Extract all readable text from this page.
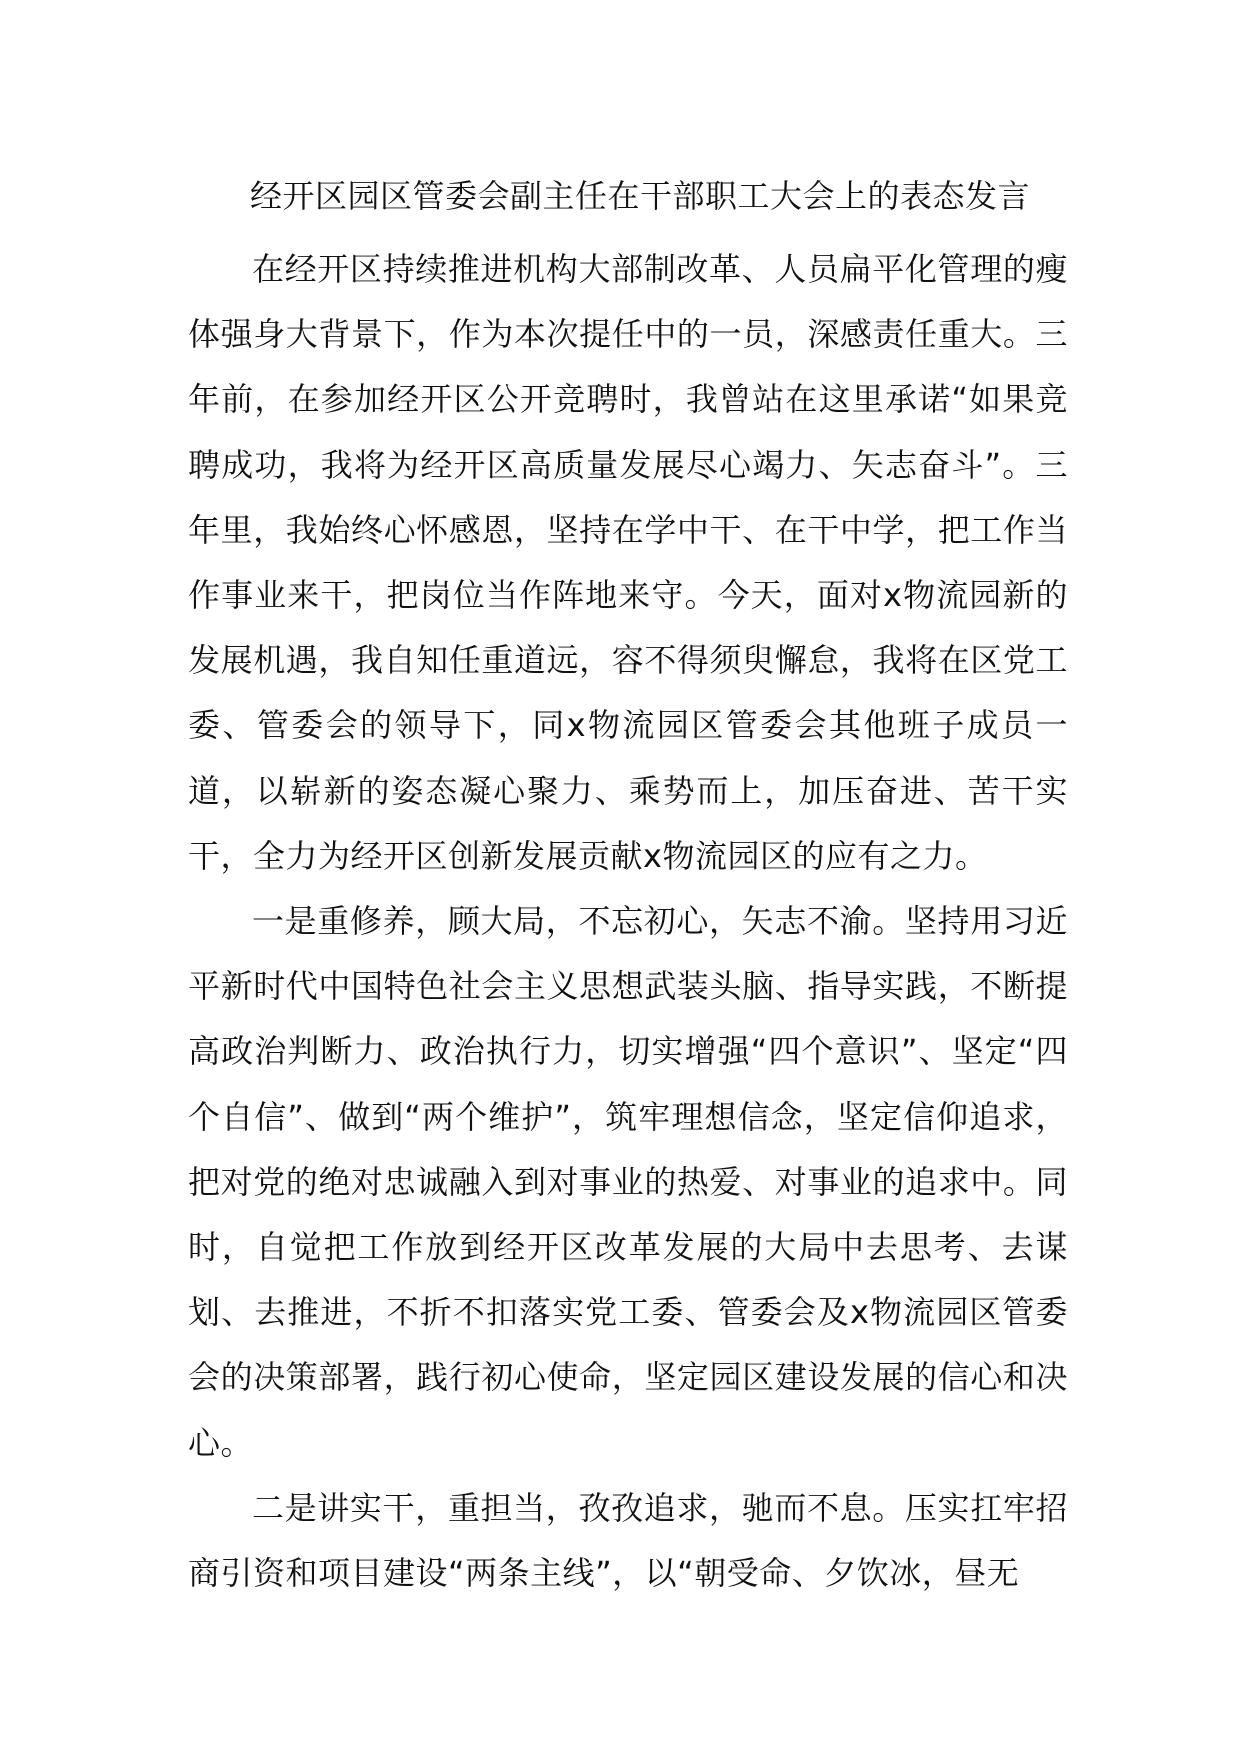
经开区园区管委会副主任在干部职工大会上的表态发言

在经开区持续推进机构大部制改革、人员扁平化管理的瘦体强身大背景下，作为本次提任中的一员，深感责任重大。三年前，在参加经开区公开竞聘时，我曾站在这里承诺“如果竞聘成功，我将为经开区高质量发展尽心竭力、矢志奋斗”。三年里，我始终心怀感恩，坚持在学中干、在干中学，把工作当作事业来干，把岗位当作阵地来守。今天，面对x物流园新的发展机遇，我自知任重道远，容不得须臾懈怠，我将在区党工委、管委会的领导下，同x物流园区管委会其他班子成员一道，以崭新的姿态凝心聚力、乘势而上，加压奋进、苦干实干，全力为经开区创新发展贡献x物流园区的应有之力。

一是重修养，顾大局，不忘初心，矢志不渝。坚持用习近平新时代中国特色社会主义思想武装头脑、指导实践，不断提高政治判断力、政治执行力，切实增强“四个意识”、坚定“四个自信”、做到“两个维护”，筑牢理想信念，坚定信仰追求，把对党的绝对忠诚融入到对事业的热爱、对事业的追求中。同时，自觉把工作放到经开区改革发展的大局中去思考、去谋划、去推进，不折不扣落实党工委、管委会及x物流园区管委会的决策部署，践行初心使命，坚定园区建设发展的信心和决心。

二是讲实干，重担当，孜孜追求，驰而不息。压实扛牢招商引资和项目建设“两条主线”，以“朝受命、夕饮冰，昼无
